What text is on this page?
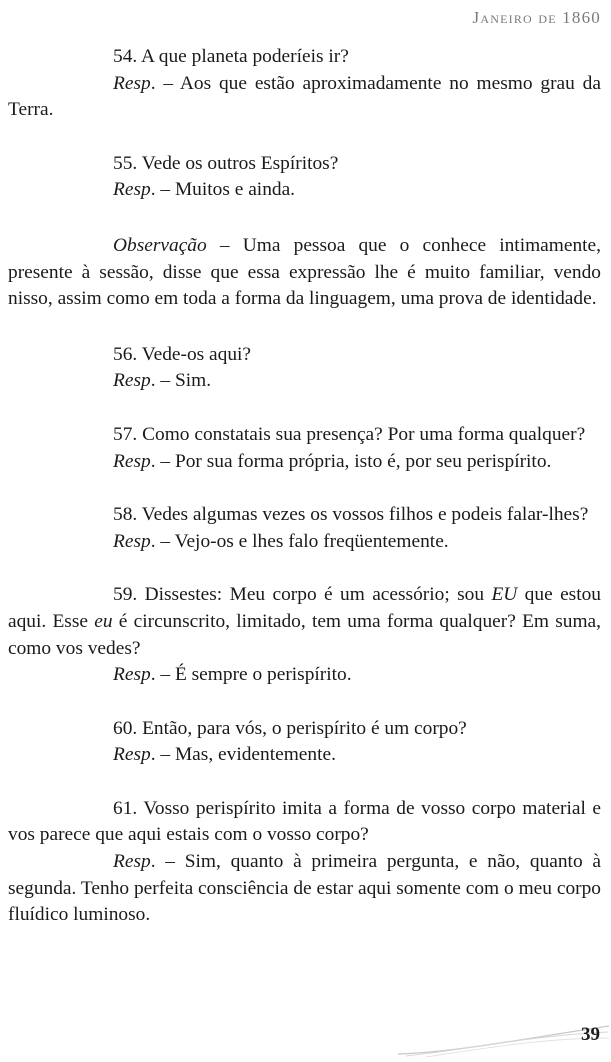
Janeiro de 1860

54. A que planeta poderíeis ir?

Resp. – Aos que estão aproximadamente no mesmo grau da Terra.

55. Vede os outros Espíritos?

Resp. – Muitos e ainda.

Observação – Uma pessoa que o conhece intimamente, presente à sessão, disse que essa expressão lhe é muito familiar, vendo nisso, assim como em toda a forma da linguagem, uma prova de identidade.

56. Vede-os aqui?

Resp. – Sim.

57. Como constatais sua presença? Por uma forma qualquer?

Resp. – Por sua forma própria, isto é, por seu perispírito.

58. Vedes algumas vezes os vossos filhos e podeis falar-lhes?

Resp. – Vejo-os e lhes falo freqüentemente.

59. Dissestes: Meu corpo é um acessório; sou EU que estou aqui. Esse eu é circunscrito, limitado, tem uma forma qualquer? Em suma, como vos vedes?

Resp. – É sempre o perispírito.

60. Então, para vós, o perispírito é um corpo?

Resp. – Mas, evidentemente.

61. Vosso perispírito imita a forma de vosso corpo material e vos parece que aqui estais com o vosso corpo?

Resp. – Sim, quanto à primeira pergunta, e não, quanto à segunda. Tenho perfeita consciência de estar aqui somente com o meu corpo fluídico luminoso.

39
